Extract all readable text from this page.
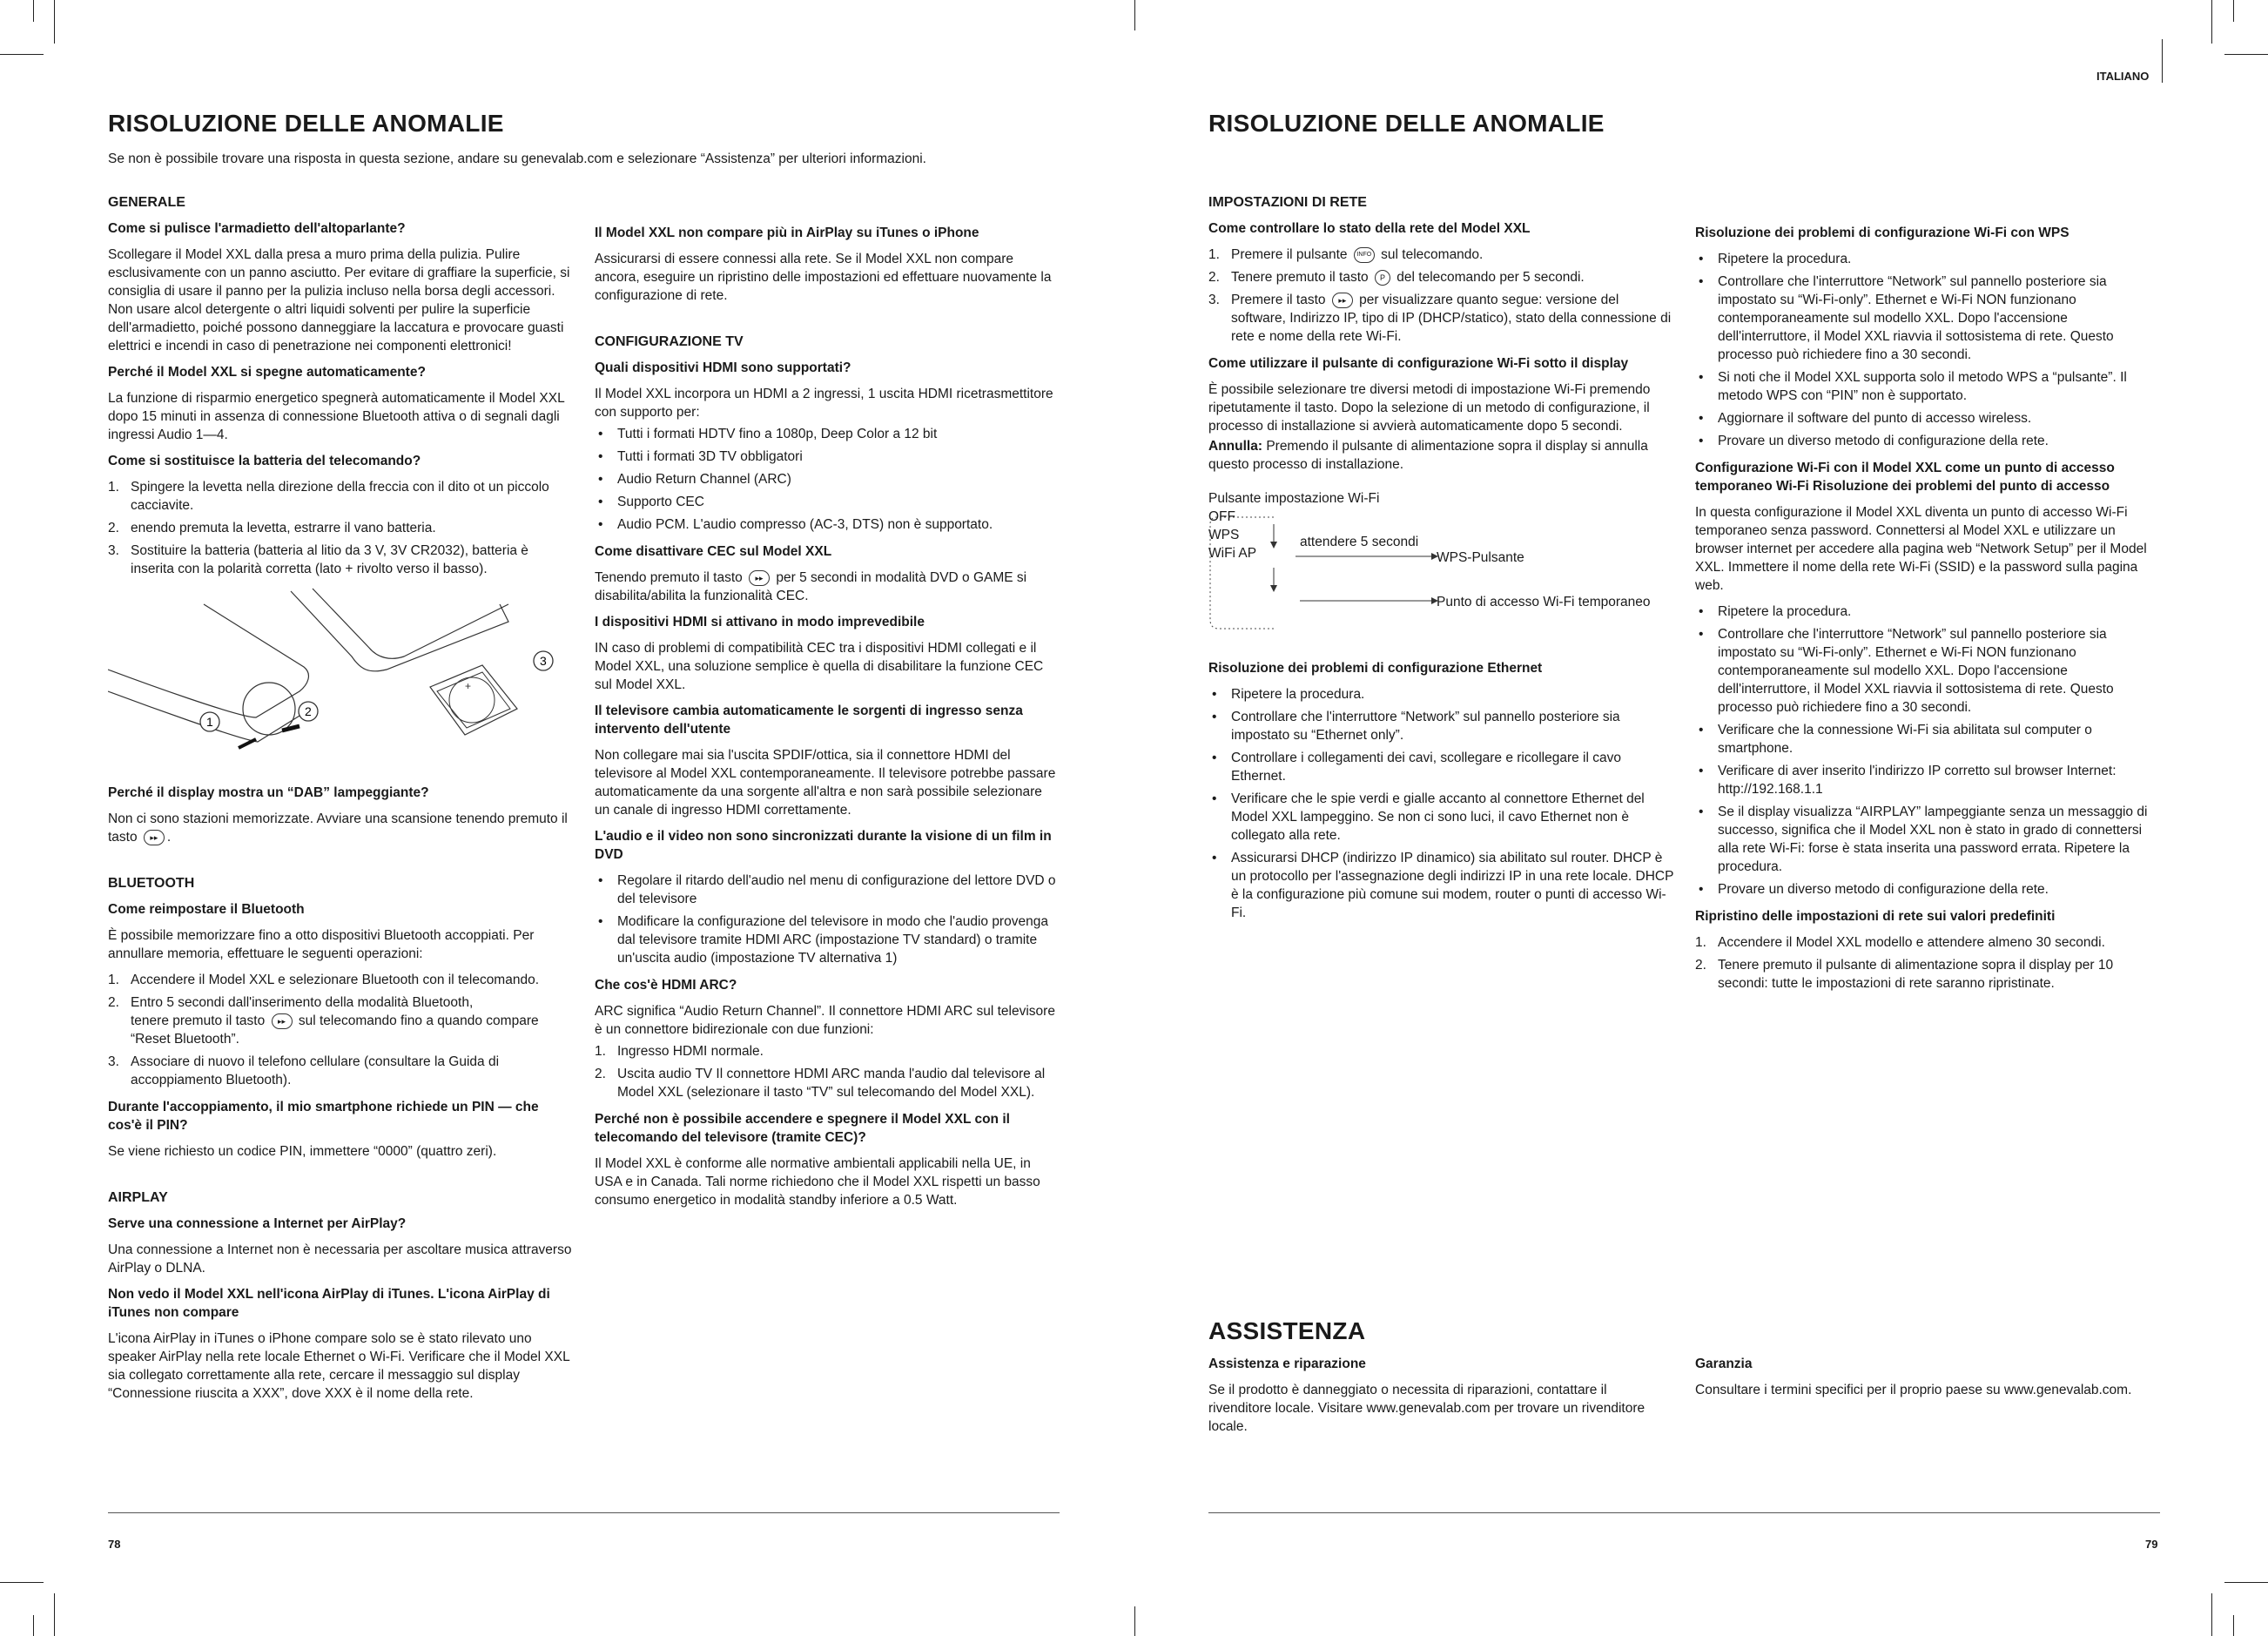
ITALIANO
RISOLUZIONE DELLE ANOMALIE
Se non è possibile trovare una risposta in questa sezione, andare su genevalab.com e selezionare “Assistenza” per ulteriori informazioni.

GENERALE

Come si pulisce l'armadietto dell'altoparlante?

Scollegare il Model XXL dalla presa a muro prima della pulizia. Pulire esclusivamente con un panno asciutto. Per evitare di graffiare la superficie, si consiglia di usare il panno per la pulizia incluso nella borsa degli accessori. Non usare alcol detergente o altri liquidi solventi per pulire la superficie dell'armadietto, poiché possono danneggiare la laccatura e provocare guasti elettrici e incendi in caso di penetrazione nei componenti elettronici!

Perché il Model XXL si spegne automaticamente?

La funzione di risparmio energetico spegnerà automaticamente il Model XXL dopo 15 minuti in assenza di connessione Bluetooth attiva o di segnali dagli ingressi Audio 1—4.

Come si sostituisce la batteria del telecomando?

1. Spingere la levetta nella direzione della freccia con il dito ot un piccolo cacciavite.
2. enendo premuta la levetta, estrarre il vano batteria.
3. Sostituire la batteria (batteria al litio da 3 V, 3V CR2032), batteria è inserita con la polarità corretta (lato + rivolto verso il basso).
+
1
2
3

Perché il display mostra un “DAB” lampeggiante?

Non ci sono stazioni memorizzate. Avviare una scansione tenendo premuto il tasto ▸▸ .

BLUETOOTH

Come reimpostare il Bluetooth

È possibile memorizzare fino a otto dispositivi Bluetooth accoppiati. Per annullare memoria, effettuare le seguenti operazioni:

1. Accendere il Model XXL e selezionare Bluetooth con il telecomando.
2. Entro 5 secondi dall'inserimento della modalità Bluetooth,
tenere premuto il tasto ▸▸ sul telecomando fino a quando compare “Reset Bluetooth”.
3. Associare di nuovo il telefono cellulare (consultare la Guida di accoppiamento Bluetooth).

Durante l'accoppiamento, il mio smartphone richiede un PIN — che cos'è il PIN?

Se viene richiesto un codice PIN, immettere “0000” (quattro zeri).

AIRPLAY

Serve una connessione a Internet per AirPlay?

Una connessione a Internet non è necessaria per ascoltare musica attraverso AirPlay o DLNA.

Non vedo il Model XXL nell'icona AirPlay di iTunes. L'icona AirPlay di iTunes non compare

L'icona AirPlay in iTunes o iPhone compare solo se è stato rilevato uno speaker AirPlay nella rete locale Ethernet o Wi-Fi. Verificare che il Model XXL sia collegato correttamente alla rete, cercare il messaggio sul display “Connessione riuscita a XXX”, dove XXX è il nome della rete.

Il Model XXL non compare più in AirPlay su iTunes o iPhone

Assicurarsi di essere connessi alla rete. Se il Model XXL non compare ancora, eseguire un ripristino delle impostazioni ed effettuare nuovamente la configurazione di rete.

CONFIGURAZIONE TV

Quali dispositivi HDMI sono supportati?

Il Model XXL incorpora un HDMI a 2 ingressi, 1 uscita HDMI ricetrasmettitore con supporto per:

• Tutti i formati HDTV fino a 1080p, Deep Color a 12 bit
• Tutti i formati 3D TV obbligatori
• Audio Return Channel (ARC)
• Supporto CEC
• Audio PCM. L'audio compresso (AC-3, DTS) non è supportato.

Come disattivare CEC sul Model XXL

Tenendo premuto il tasto ▸▸ per 5 secondi in modalità DVD o GAME si disabilita/abilita la funzionalità CEC.

I dispositivi HDMI si attivano in modo imprevedibile

IN caso di problemi di compatibilità CEC tra i dispositivi HDMI collegati e il Model XXL, una soluzione semplice è quella di disabilitare la funzione CEC sul Model XXL.

Il televisore cambia automaticamente le sorgenti di ingresso senza intervento dell'utente

Non collegare mai sia l'uscita SPDIF/ottica, sia il connettore HDMI del televisore al Model XXL contemporaneamente. Il televisore potrebbe passare automaticamente da una sorgente all'altra e non sarà possibile selezionare un canale di ingresso HDMI correttamente.

L'audio e il video non sono sincronizzati durante la visione di un film in DVD

• Regolare il ritardo dell'audio nel menu di configurazione del lettore DVD o del televisore
• Modificare la configurazione del televisore in modo che l'audio provenga dal televisore tramite HDMI ARC (impostazione TV standard) o tramite un'uscita audio (impostazione TV alternativa 1)

Che cos'è HDMI ARC?

ARC significa “Audio Return Channel”. Il connettore HDMI ARC sul televisore è un connettore bidirezionale con due funzioni:

1. Ingresso HDMI normale.
2. Uscita audio TV Il connettore HDMI ARC manda l'audio dal televisore al Model XXL (selezionare il tasto “TV” sul telecomando del Model XXL).

Perché non è possibile accendere e spegnere il Model XXL con il telecomando del televisore (tramite CEC)?

Il Model XXL è conforme alle normative ambientali applicabili nella UE, in USA e in Canada. Tali norme richiedono che il Model XXL rispetti un basso consumo energetico in modalità standby inferiore a 0.5 Watt.

78
RISOLUZIONE DELLE ANOMALIE

IMPOSTAZIONI DI RETE

Come controllare lo stato della rete del Model XXL

1. Premere il pulsante INFO sul telecomando.
2. Tenere premuto il tasto P del telecomando per 5 secondi.
3. Premere il tasto ▸▸ per visualizzare quanto segue: versione del software, Indirizzo IP, tipo di IP (DHCP/statico), stato della connessione di rete e nome della rete Wi-Fi.

Come utilizzare il pulsante di configurazione Wi-Fi sotto il display

È possibile selezionare tre diversi metodi di impostazione Wi-Fi premendo ripetutamente il tasto. Dopo la selezione di un metodo di configurazione, il processo di installazione si avvierà automaticamente dopo 5 secondi.

Annulla: Premendo il pulsante di alimentazione sopra il display si annulla questo processo di installazione.

Pulsante impostazione Wi-Fi
OFF
WPS
WiFi AP
attendere 5 secondi
WPS-Pulsante
Punto di accesso Wi-Fi temporaneo

Risoluzione dei problemi di configurazione Ethernet

• Ripetere la procedura.
• Controllare che l'interruttore “Network” sul pannello posteriore sia impostato su “Ethernet only”.
• Controllare i collegamenti dei cavi, scollegare e ricollegare il cavo Ethernet.
• Verificare che le spie verdi e gialle accanto al connettore Ethernet del Model XXL lampeggino. Se non ci sono luci, il cavo Ethernet non è collegato alla rete.
• Assicurarsi DHCP (indirizzo IP dinamico) sia abilitato sul router. DHCP è un protocollo per l'assegnazione degli indirizzi IP in una rete locale. DHCP è la configurazione più comune sui modem, router o punti di accesso Wi-Fi.

Risoluzione dei problemi di configurazione Wi-Fi con WPS

• Ripetere la procedura.
• Controllare che l'interruttore “Network” sul pannello posteriore sia impostato su “Wi-Fi-only”. Ethernet e Wi-Fi NON funzionano contemporaneamente sul modello XXL. Dopo l'accensione dell'interruttore, il Model XXL riavvia il sottosistema di rete. Questo processo può richiedere fino a 30 secondi.
• Si noti che il Model XXL supporta solo il metodo WPS a “pulsante”. Il metodo WPS con “PIN” non è supportato.
• Aggiornare il software del punto di accesso wireless.
• Provare un diverso metodo di configurazione della rete.

Configurazione Wi-Fi con il Model XXL come un punto di accesso temporaneo Wi-Fi Risoluzione dei problemi del punto di accesso

In questa configurazione il Model XXL diventa un punto di accesso Wi-Fi temporaneo senza password. Connettersi al Model XXL e utilizzare un browser internet per accedere alla pagina web “Network Setup” per il Model XXL. Immettere il nome della rete Wi-Fi (SSID) e la password sulla pagina web.

• Ripetere la procedura.
• Controllare che l'interruttore “Network” sul pannello posteriore sia impostato su “Wi-Fi-only”. Ethernet e Wi-Fi NON funzionano contemporaneamente sul modello XXL. Dopo l'accensione dell'interruttore, il Model XXL riavvia il sottosistema di rete. Questo processo può richiedere fino a 30 secondi.
• Verificare che la connessione Wi-Fi sia abilitata sul computer o smartphone.
• Verificare di aver inserito l'indirizzo IP corretto sul browser Internet: http://192.168.1.1
• Se il display visualizza “AIRPLAY” lampeggiante senza un messaggio di successo, significa che il Model XXL non è stato in grado di connettersi alla rete Wi-Fi: forse è stata inserita una password errata. Ripetere la procedura.
• Provare un diverso metodo di configurazione della rete.

Ripristino delle impostazioni di rete sui valori predefiniti

1. Accendere il Model XXL modello e attendere almeno 30 secondi.
2. Tenere premuto il pulsante di alimentazione sopra il display per 10 secondi: tutte le impostazioni di rete saranno ripristinate.
ASSISTENZA

Assistenza e riparazione

Se il prodotto è danneggiato o necessita di riparazioni, contattare il rivenditore locale. Visitare www.genevalab.com per trovare un rivenditore locale.

Garanzia

Consultare i termini specifici per il proprio paese su www.genevalab.com.

79
